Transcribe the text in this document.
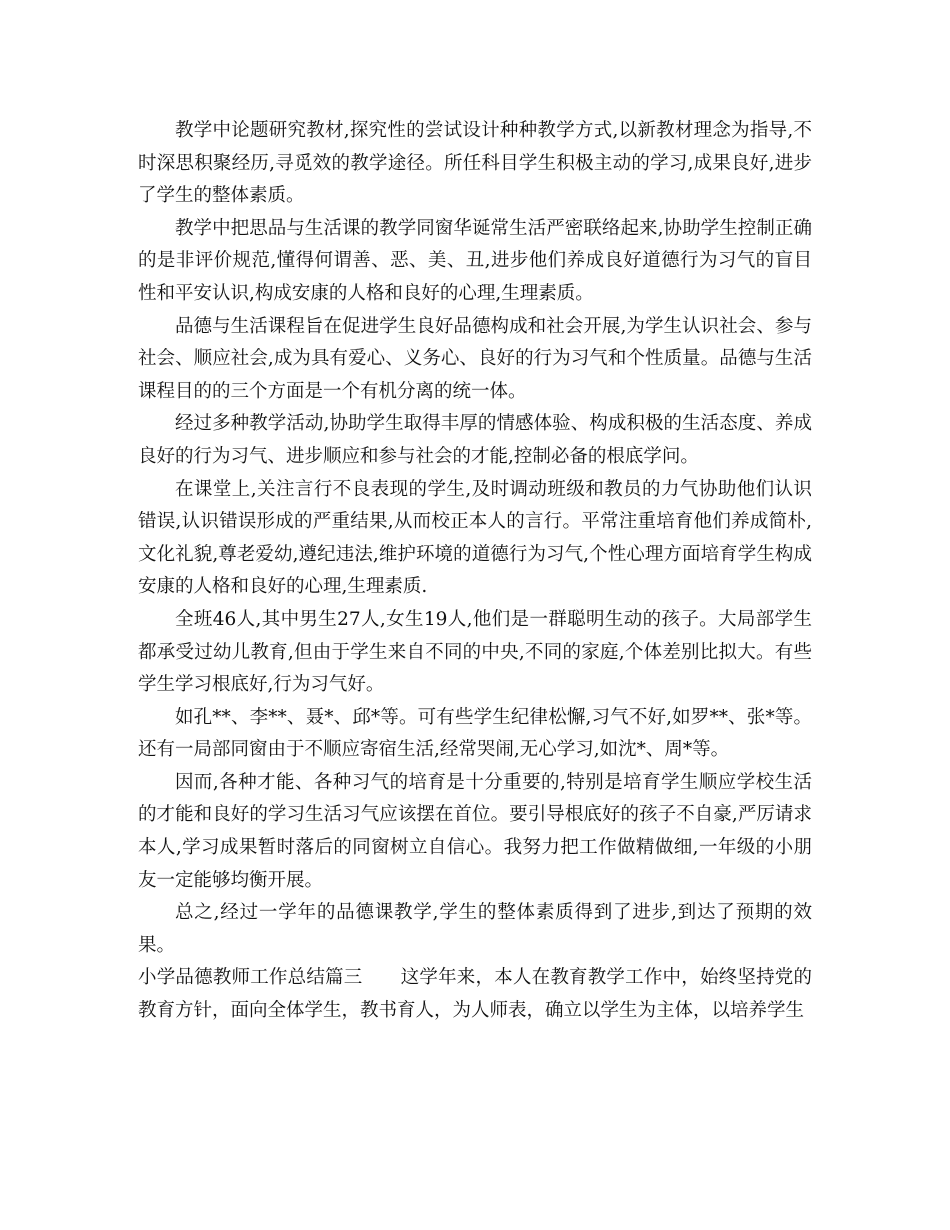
教学中论题研究教材,探究性的尝试设计种种教学方式,以新教材理念为指导,不时深思积聚经历,寻觅效的教学途径。所任科目学生积极主动的学习,成果良好,进步了学生的整体素质。

教学中把思品与生活课的教学同窗华诞常生活严密联络起来,协助学生控制正确的是非评价规范,懂得何谓善、恶、美、丑,进步他们养成良好道德行为习气的盲目性和平安认识,构成安康的人格和良好的心理,生理素质。

品德与生活课程旨在促进学生良好品德构成和社会开展,为学生认识社会、参与社会、顺应社会,成为具有爱心、义务心、良好的行为习气和个性质量。品德与生活课程目的的三个方面是一个有机分离的统一体。

经过多种教学活动,协助学生取得丰厚的情感体验、构成积极的生活态度、养成良好的行为习气、进步顺应和参与社会的才能,控制必备的根底学问。

在课堂上,关注言行不良表现的学生,及时调动班级和教员的力气协助他们认识错误,认识错误形成的严重结果,从而校正本人的言行。平常注重培育他们养成简朴,文化礼貌,尊老爱幼,遵纪违法,维护环境的道德行为习气,个性心理方面培育学生构成安康的人格和良好的心理,生理素质.

全班46人,其中男生27人,女生19人,他们是一群聪明生动的孩子。大局部学生都承受过幼儿教育,但由于学生来自不同的中央,不同的家庭,个体差别比拟大。有些学生学习根底好,行为习气好。

如孔**、李**、聂*、邱*等。可有些学生纪律松懈,习气不好,如罗**、张*等。还有一局部同窗由于不顺应寄宿生活,经常哭闹,无心学习,如沈*、周*等。

因而,各种才能、各种习气的培育是十分重要的,特别是培育学生顺应学校生活的才能和良好的学习生活习气应该摆在首位。要引导根底好的孩子不自豪,严厉请求本人,学习成果暂时落后的同窗树立自信心。我努力把工作做精做细,一年级的小朋友一定能够均衡开展。

总之,经过一学年的品德课教学,学生的整体素质得到了进步,到达了预期的效果。

小学品德教师工作总结篇三 这学年来，本人在教育教学工作中，始终坚持党的教育方针，面向全体学生，教书育人，为人师表，确立以学生为主体，以培养学生
